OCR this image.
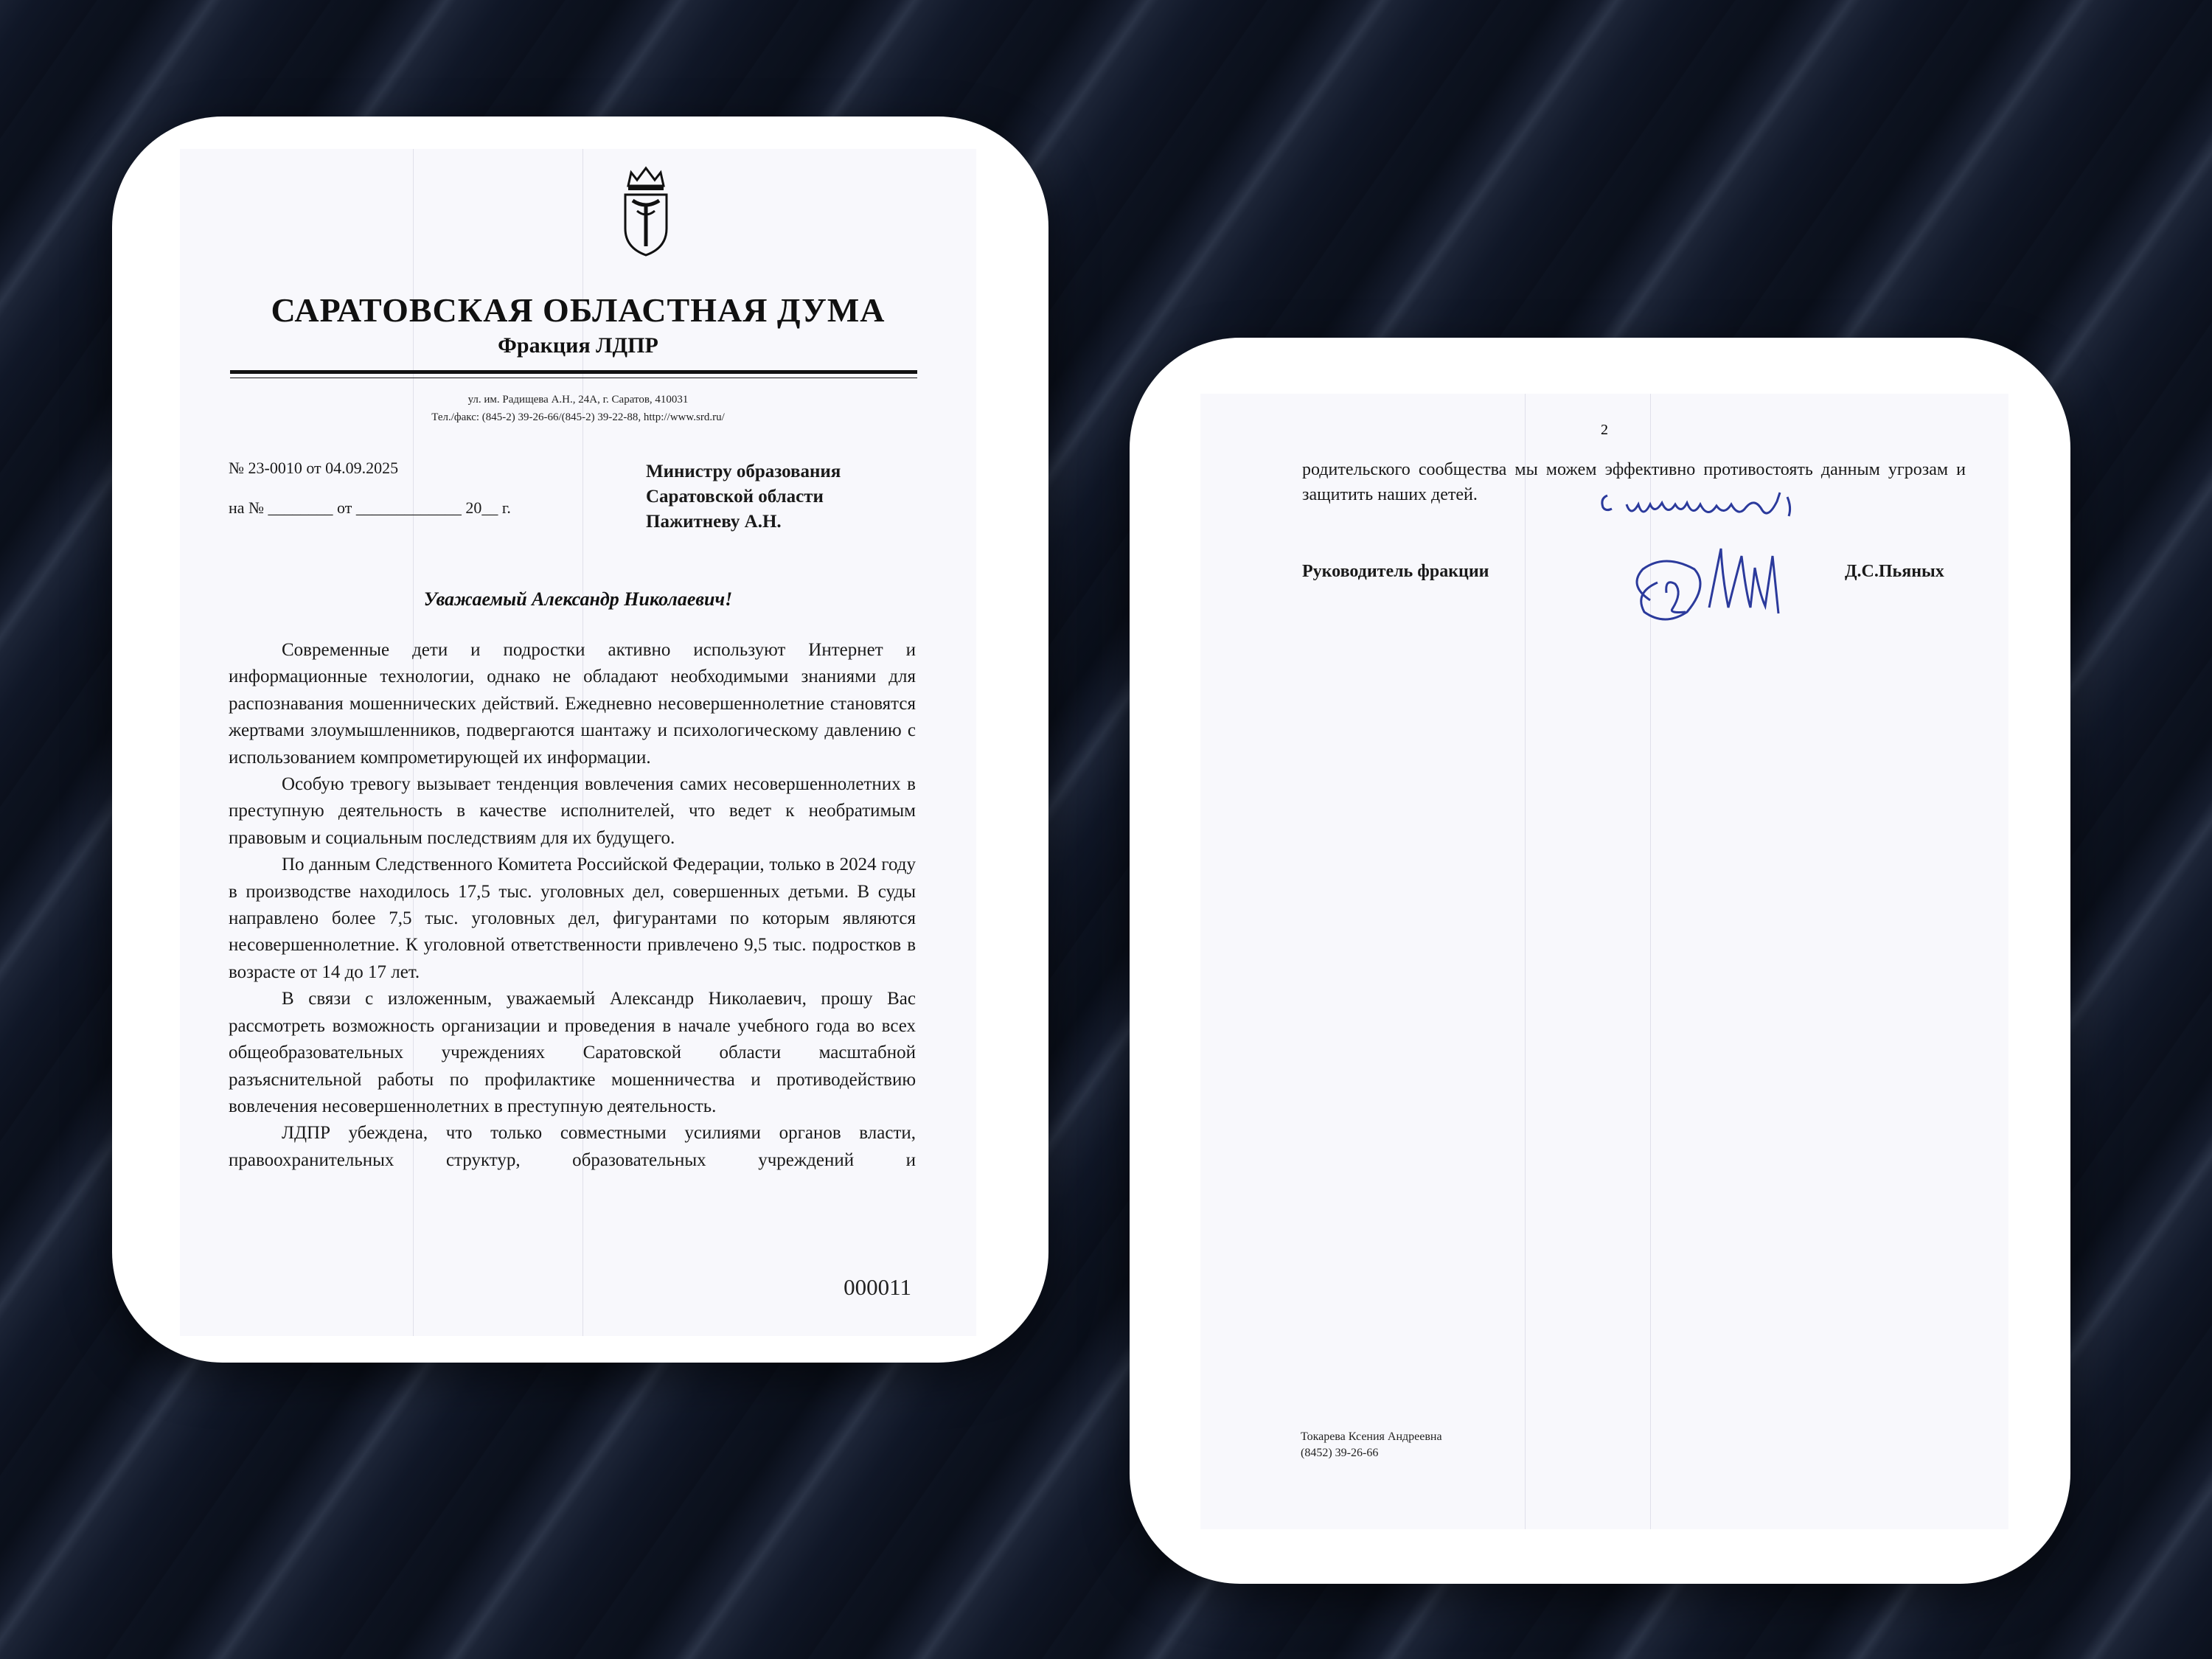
САРАТОВСКАЯ ОБЛАСТНАЯ ДУМА
Фракция ЛДПР
ул. им. Радищева А.Н., 24А, г. Саратов, 410031
Тел./факс: (845-2) 39-26-66/(845-2) 39-22-88, http://www.srd.ru/
№ 23-0010 от 04.09.2025
на № ________ от _____________ 20__ г.
Министру образования
Саратовской области
Пажитневу А.Н.
Уважаемый Александр Николаевич!

Современные дети и подростки активно используют Интернет и информационные технологии, однако не обладают необходимыми знаниями для распознавания мошеннических действий. Ежедневно несовершеннолетние становятся жертвами злоумышленников, подвергаются шантажу и психологическому давлению с использованием компрометирующей их информации.

Особую тревогу вызывает тенденция вовлечения самих несовершеннолетних в преступную деятельность в качестве исполнителей, что ведет к необратимым правовым и социальным последствиям для их будущего.

По данным Следственного Комитета Российской Федерации, только в 2024 году в производстве находилось 17,5 тыс. уголовных дел, совершенных детьми. В суды направлено более 7,5 тыс. уголовных дел, фигурантами по которым являются несовершеннолетние. К уголовной ответственности привлечено 9,5 тыс. подростков в возрасте от 14 до 17 лет.

В связи с изложенным, уважаемый Александр Николаевич, прошу Вас рассмотреть возможность организации и проведения в начале учебного года во всех общеобразовательных учреждениях Саратовской области масштабной разъяснительной работы по профилактике мошенничества и противодействию вовлечения несовершеннолетних в преступную деятельность.

ЛДПР убеждена, что только совместными усилиями органов власти, правоохранительных структур, образовательных учреждений и

000011
2

родительского сообщества мы можем эффективно противостоять данным угрозам и защитить наших детей.

Руководитель фракции	Д.С.Пьяных
Токарева Ксения Андреевна
(8452) 39-26-66
